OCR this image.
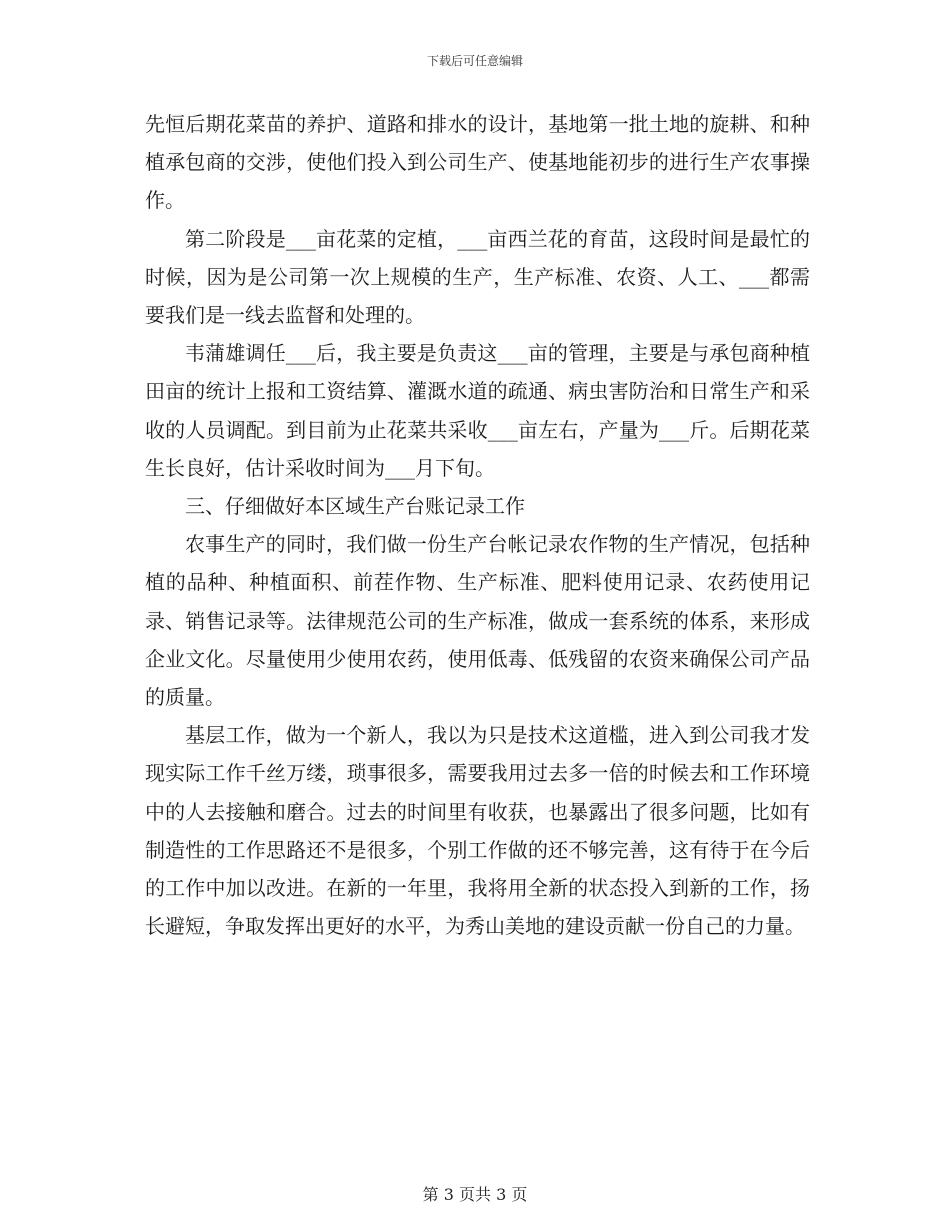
下载后可任意编辑

先恒后期花菜苗的养护、道路和排水的设计，基地第一批土地的旋耕、和种植承包商的交涉，使他们投入到公司生产、使基地能初步的进行生产农事操作。

第二阶段是___亩花菜的定植，___亩西兰花的育苗，这段时间是最忙的时候，因为是公司第一次上规模的生产，生产标准、农资、人工、___都需要我们是一线去监督和处理的。

韦蒲雄调任___后，我主要是负责这___亩的管理，主要是与承包商种植田亩的统计上报和工资结算、灌溉水道的疏通、病虫害防治和日常生产和采收的人员调配。到目前为止花菜共采收___亩左右，产量为___斤。后期花菜生长良好，估计采收时间为___月下旬。

三、仔细做好本区域生产台账记录工作

农事生产的同时，我们做一份生产台帐记录农作物的生产情况，包括种植的品种、种植面积、前茬作物、生产标准、肥料使用记录、农药使用记录、销售记录等。法律规范公司的生产标准，做成一套系统的体系，来形成企业文化。尽量使用少使用农药，使用低毒、低残留的农资来确保公司产品的质量。

基层工作，做为一个新人，我以为只是技术这道槛，进入到公司我才发现实际工作千丝万缕，琐事很多，需要我用过去多一倍的时候去和工作环境中的人去接触和磨合。过去的时间里有收获，也暴露出了很多问题，比如有制造性的工作思路还不是很多，个别工作做的还不够完善，这有待于在今后的工作中加以改进。在新的一年里，我将用全新的状态投入到新的工作，扬长避短，争取发挥出更好的水平，为秀山美地的建设贡献一份自己的力量。

第 3 页共 3 页
